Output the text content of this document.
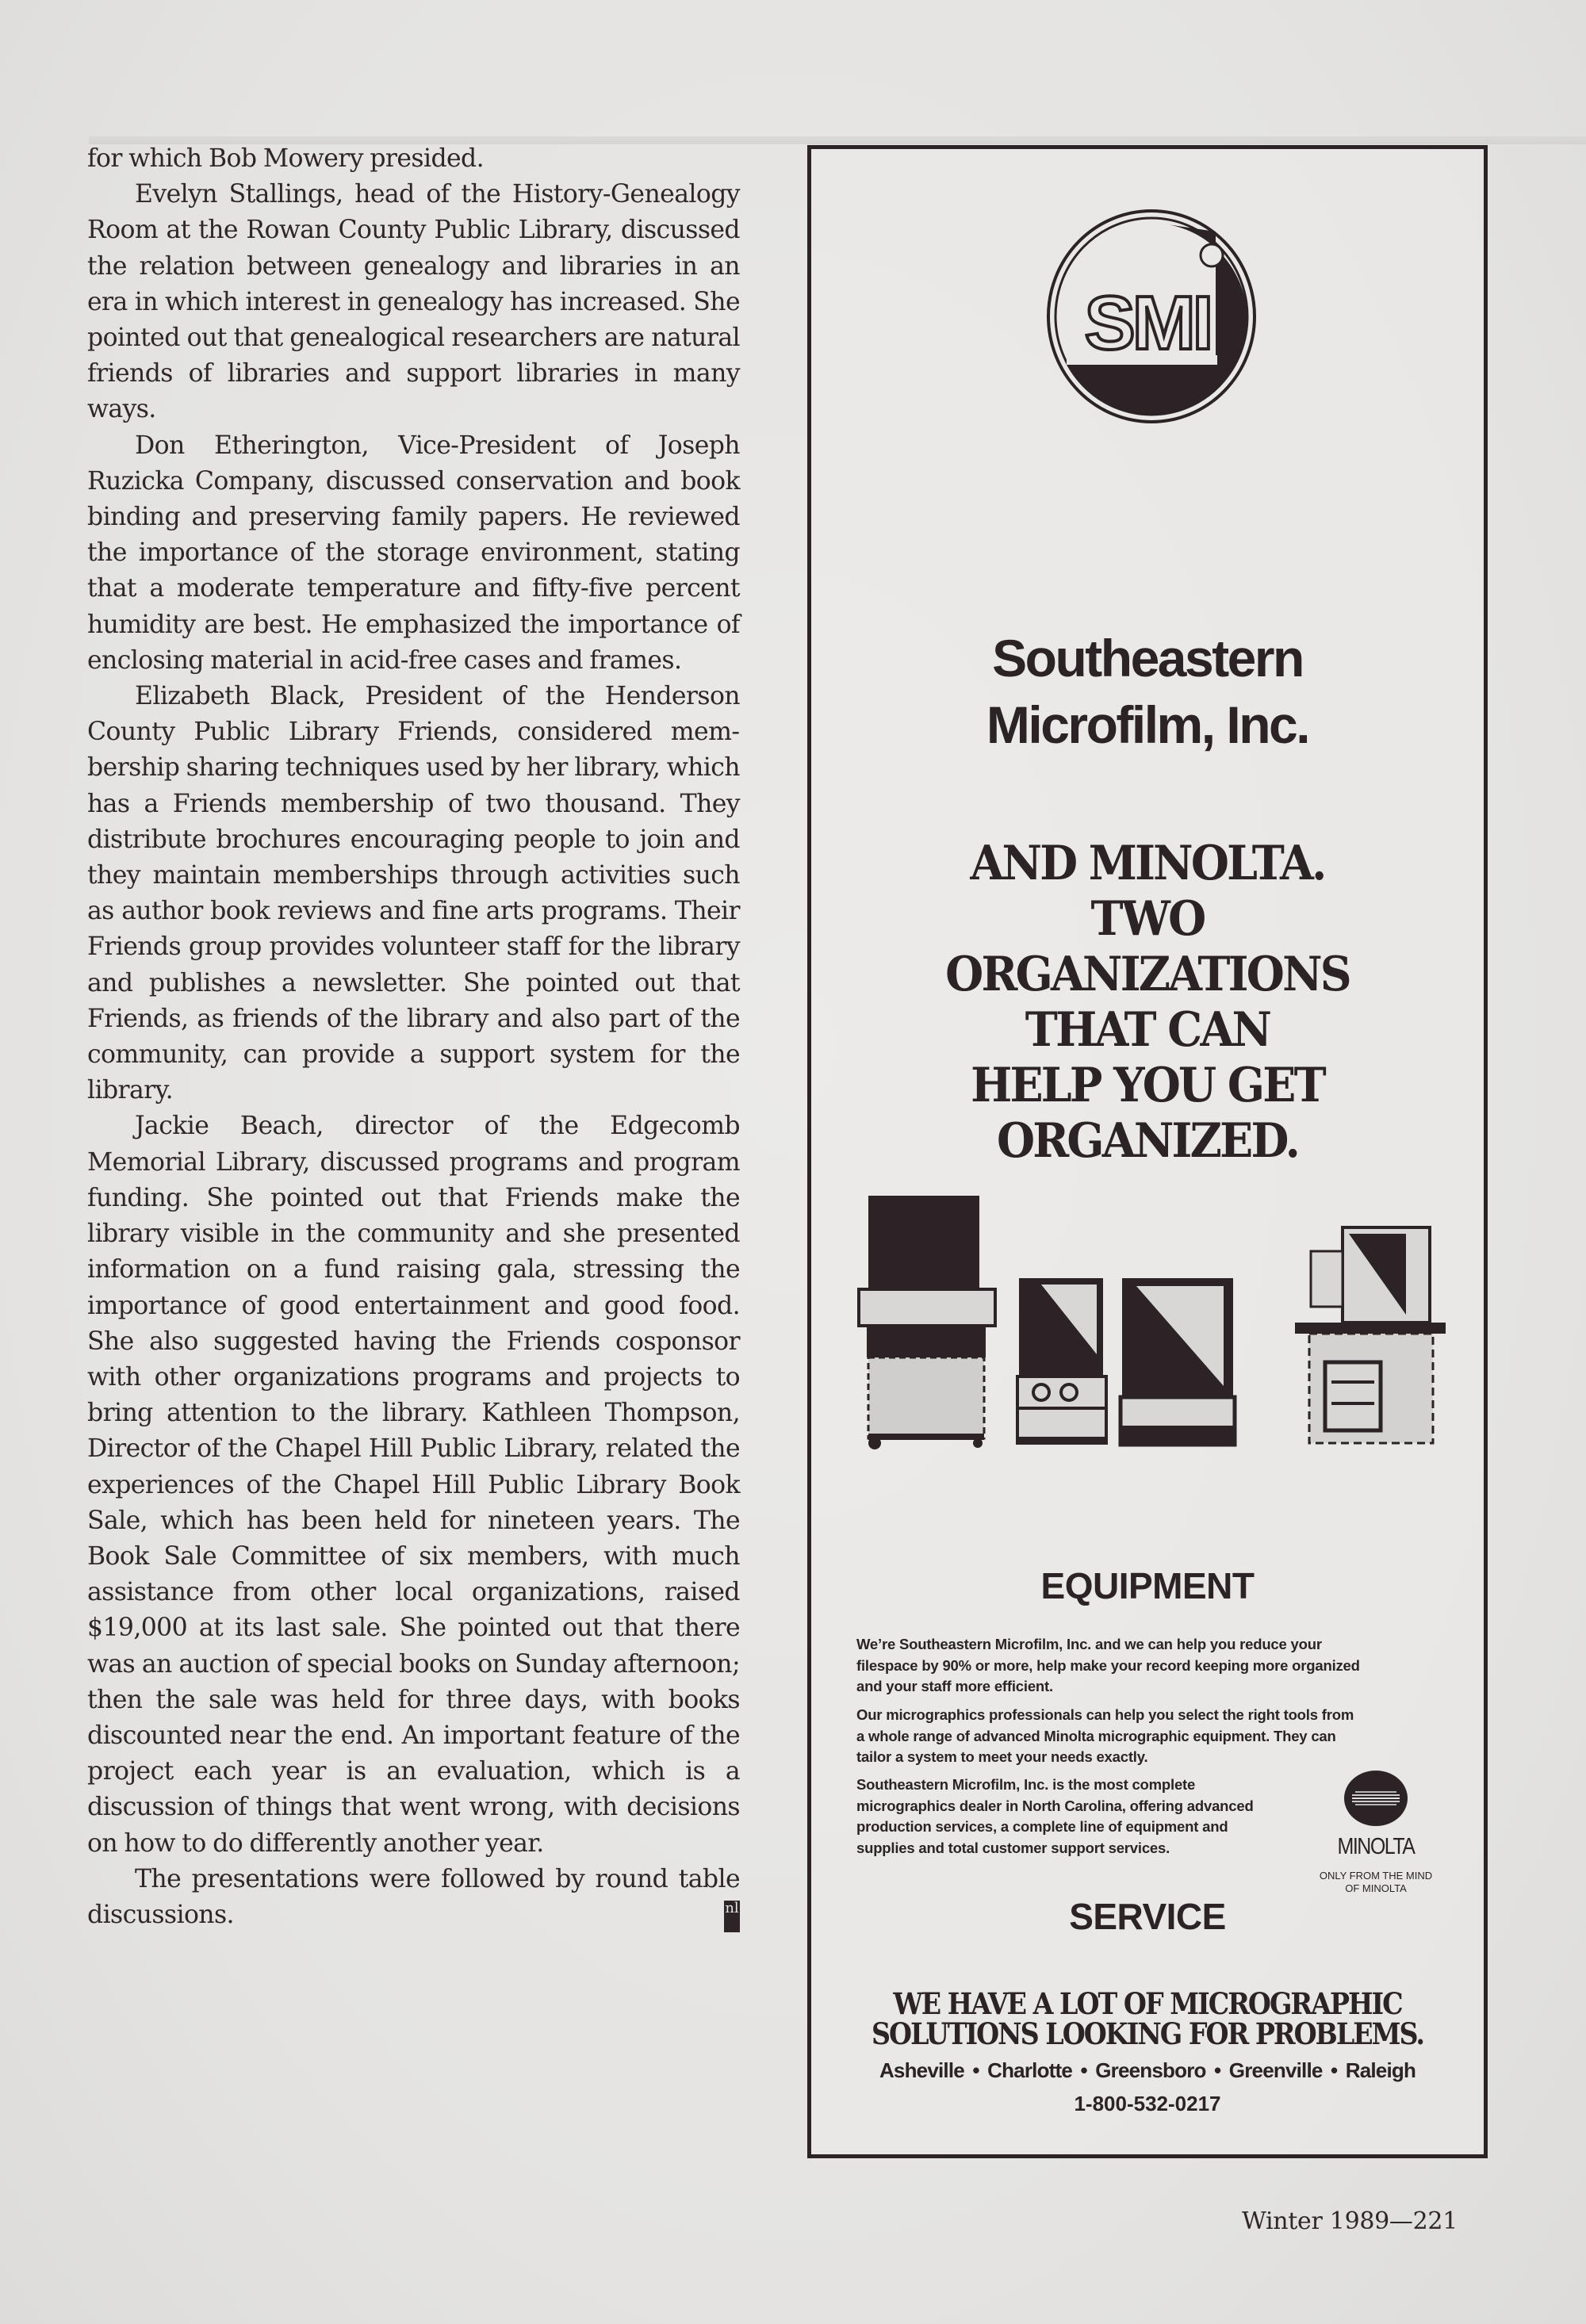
for which Bob Mowery presided.

Evelyn Stallings, head of the History-Genealogy Room at the Rowan County Public Library, discussed the relation between genealogy and libraries in an era in which interest in genealogy has increased. She pointed out that genealogical researchers are natural friends of libraries and support libraries in many ways.

Don Etherington, Vice-President of Joseph Ruzicka Company, discussed conservation and book binding and preserving family papers. He reviewed the importance of the storage environment, stating that a moderate temperature and fifty-five percent humidity are best. He emphasized the importance of enclosing material in acid-free cases and frames.

Elizabeth Black, President of the Henderson County Public Library Friends, considered membership sharing techniques used by her library, which has a Friends membership of two thousand. They distribute brochures encouraging people to join and they maintain memberships through activities such as author book reviews and fine arts programs. Their Friends group provides volunteer staff for the library and publishes a newsletter. She pointed out that Friends, as friends of the library and also part of the community, can provide a support system for the library.

Jackie Beach, director of the Edgecomb Memorial Library, discussed programs and program funding. She pointed out that Friends make the library visible in the community and she presented information on a fund raising gala, stressing the importance of good entertainment and good food. She also suggested having the Friends cosponsor with other organizations programs and projects to bring attention to the library. Kathleen Thompson, Director of the Chapel Hill Public Library, related the experiences of the Chapel Hill Public Library Book Sale, which has been held for nineteen years. The Book Sale Committee of six members, with much assistance from other local organizations, raised $19,000 at its last sale. She pointed out that there was an auction of special books on Sunday afternoon; then the sale was held for three days, with books discounted near the end. An important feature of the project each year is an evaluation, which is a discussion of things that went wrong, with decisions on how to do differently another year.

The presentations were followed by round table discussions.	nl

SMI
Southeastern
Microfilm, Inc.
AND MINOLTA.
TWO
ORGANIZATIONS
THAT CAN
HELP YOU GET
ORGANIZED.
EQUIPMENT

We’re Southeastern Microfilm, Inc. and we can help you reduce your filespace by 90% or more, help make your record keeping more organized and your staff more efficient.

Our micrographics professionals can help you select the right tools from a whole range of advanced Minolta micrographic equipment. They can tailor a system to meet your needs exactly.

Southeastern Microfilm, Inc. is the most complete micrographics dealer in North Carolina, offering advanced production services, a complete line of equipment and supplies and total customer support services.	MINOLTA
ONLY FROM THE MIND
OF MINOLTA
SERVICE
WE HAVE A LOT OF MICROGRAPHIC
SOLUTIONS LOOKING FOR PROBLEMS.
Asheville • Charlotte • Greensboro • Greenville • Raleigh
1-800-532-0217
Winter 1989—221
